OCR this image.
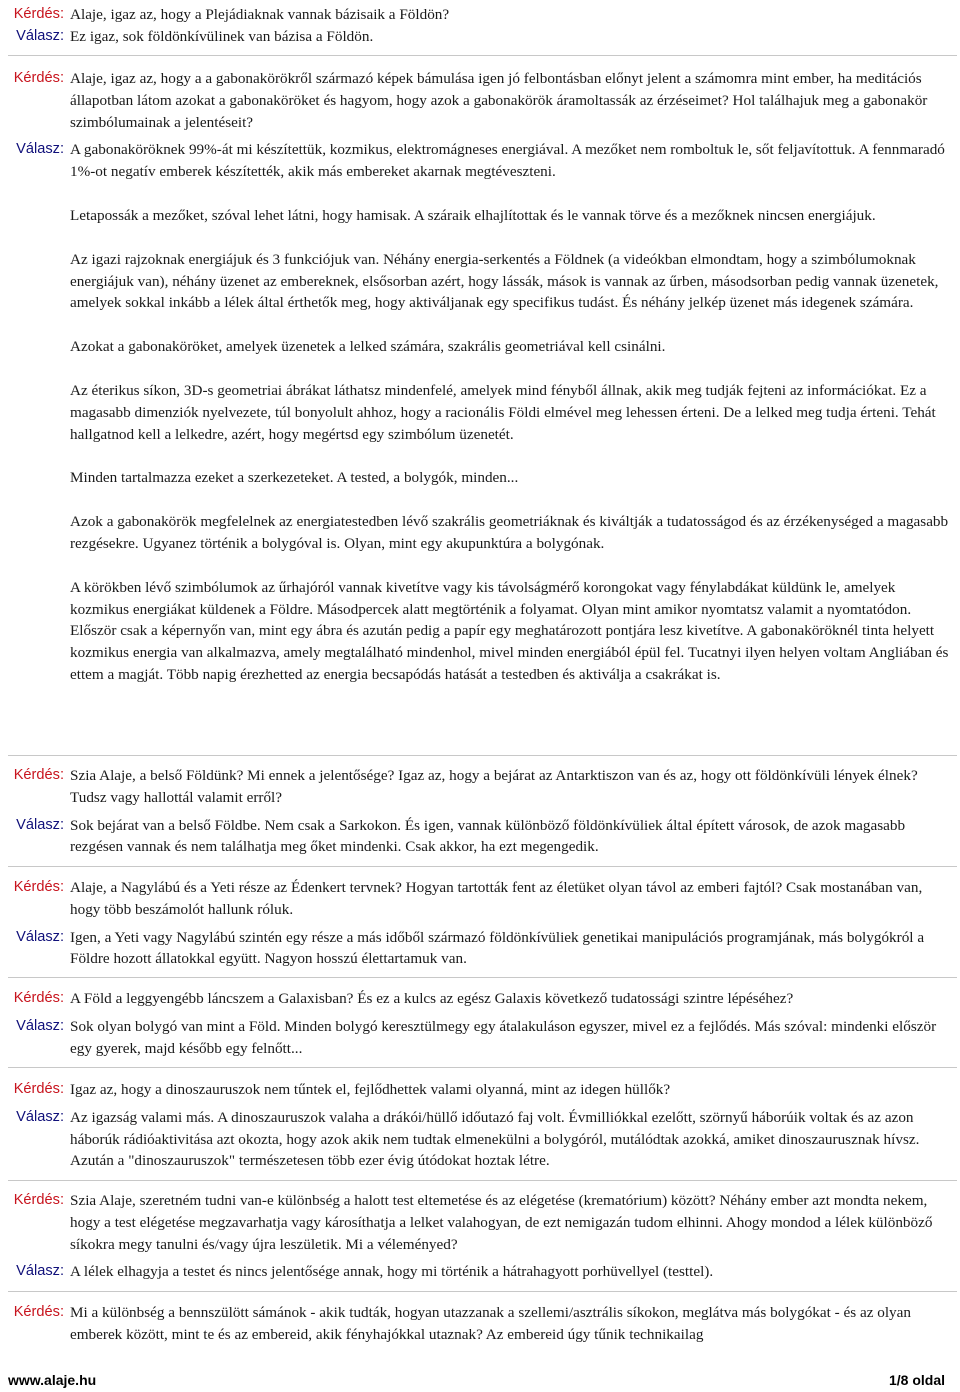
Kérdés: Alaje, igaz az, hogy a Plejádiaknak vannak bázisaik a Földön?
Válasz: Ez igaz, sok földönkívülinek van bázisa a Földön.

Kérdés: Alaje, igaz az, hogy a a gabonakörökről származó képek bámulása igen jó felbontásban előnyt jelent a számomra mint ember, ha meditációs állapotban látom azokat a gabonaköröket és hagyom, hogy azok a gabonakörök áramoltassák az érzéseimet? Hol találhajuk meg a gabonakör szimbólumainak a jelentéseit?
Válasz: A gabonaköröknek 99%-át mi készítettük, kozmikus, elektromágneses energiával. A mezőket nem romboltuk le, sőt feljavítottuk. A fennmaradó 1%-ot negatív emberek készítették, akik más embereket akarnak megtéveszteni.

Letapossák a mezőket, szóval lehet látni, hogy hamisak. A száraik elhajlítottak és le vannak törve és a mezőknek nincsen energiájuk.

Az igazi rajzoknak energiájuk és 3 funkciójuk van. Néhány energia-serkentés a Földnek (a videókban elmondtam, hogy a szimbólumoknak energiájuk van), néhány üzenet az embereknek, elsősorban azért, hogy lássák, mások is vannak az űrben, másodsorban pedig vannak üzenetek, amelyek sokkal inkább a lélek által érthetők meg, hogy aktiváljanak egy specifikus tudást. És néhány jelkép üzenet más idegenek számára.

Azokat a gabonaköröket, amelyek üzenetek a lelked számára, szakrális geometriával kell csinálni.

Az éterikus síkon, 3D-s geometriai ábrákat láthatsz mindenfelé, amelyek mind fényből állnak, akik meg tudják fejteni az információkat. Ez a magasabb dimenziók nyelvezete, túl bonyolult ahhoz, hogy a racionális Földi elmével meg lehessen érteni. De a lelked meg tudja érteni. Tehát hallgatnod kell a lelkedre, azért, hogy megértsd egy szimbólum üzenetét.

Minden tartalmazza ezeket a szerkezeteket. A tested, a bolygók, minden...

Azok a gabonakörök megfelelnek az energiatestedben lévő szakrális geometriáknak és kiváltják a tudatosságod és az érzékenységed a magasabb rezgésekre. Ugyanez történik a bolygóval is. Olyan, mint egy akupunktúra a bolygónak.

A körökben lévő szimbólumok az űrhajóról vannak kivetítve vagy kis távolságmérő korongokat vagy fénylabdákat küldünk le, amelyek kozmikus energiákat küldenek a Földre. Másodpercek alatt megtörténik a folyamat. Olyan mint amikor nyomtatsz valamit a nyomtatódon. Először csak a képernyőn van, mint egy ábra és azután pedig a papír egy meghatározott pontjára lesz kivetítve. A gabonaköröknél tinta helyett kozmikus energia van alkalmazva, amely megtalálható mindenhol, mivel minden energiából épül fel. Tucatnyi ilyen helyen voltam Angliában és ettem a magját. Több napig érezhetted az energia becsapódás hatását a testedben és aktiválja a csakrákat is.

Kérdés: Szia Alaje, a belső Földünk? Mi ennek a jelentősége? Igaz az, hogy a bejárat az Antarktiszon van és az, hogy ott földönkívüli lények élnek? Tudsz vagy hallottál valamit erről?
Válasz: Sok bejárat van a belső Földbe. Nem csak a Sarkokon. És igen, vannak különböző földönkívüliek által épített városok, de azok magasabb rezgésen vannak és nem találhatja meg őket mindenki. Csak akkor, ha ezt megengedik.

Kérdés: Alaje, a Nagylábú és a Yeti része az Édenkert tervnek? Hogyan tartották fent az életüket olyan távol az emberi fajtól? Csak mostanában van, hogy több beszámolót hallunk róluk.
Válasz: Igen, a Yeti vagy Nagylábú szintén egy része a más időből származó földönkívüliek genetikai manipulációs programjának, más bolygókról a Földre hozott állatokkal együtt. Nagyon hosszú élettartamuk van.

Kérdés: A Föld a leggyengébb láncszem a Galaxisban? És ez a kulcs az egész Galaxis következő tudatossági szintre lépéséhez?
Válasz: Sok olyan bolygó van mint a Föld. Minden bolygó keresztülmegy egy átalakuláson egyszer, mivel ez a fejlődés. Más szóval: mindenki először egy gyerek, majd később egy felnőtt...

Kérdés: Igaz az, hogy a dinoszauruszok nem tűntek el, fejlődhettek valami olyanná, mint az idegen hüllők?
Válasz: Az igazság valami más. A dinoszauruszok valaha a drákói/hüllő időutazó faj volt. Évmilliókkal ezelőtt, szörnyű háborúik voltak és az azon háborúk rádióaktivitása azt okozta, hogy azok akik nem tudtak elmenekülni a bolygóról, mutálódtak azokká, amiket dinoszaurusznak hívsz. Azután a "dinoszauruszok" természetesen több ezer évig útódokat hoztak létre.

Kérdés: Szia Alaje, szeretném tudni van-e különbség a halott test eltemetése és az elégetése (krematórium) között? Néhány ember azt mondta nekem, hogy a test elégetése megzavarhatja vagy károsíthatja a lelket valahogyan, de ezt nemigazán tudom elhinni. Ahogy mondod a lélek különböző síkokra megy tanulni és/vagy újra leszületik. Mi a véleményed?
Válasz: A lélek elhagyja a testet és nincs jelentősége annak, hogy mi történik a hátrahagyott porhüvellyel (testtel).

Kérdés: Mi a különbség a bennszülött sámánok - akik tudták, hogyan utazzanak a szellemi/asztrális síkokon, meglátva más bolygókat - és az olyan emberek között, mint te és az embereid, akik fényhajókkal utaznak? Az embereid úgy tűnik technikailag
www.alaje.hu	1/8 oldal
